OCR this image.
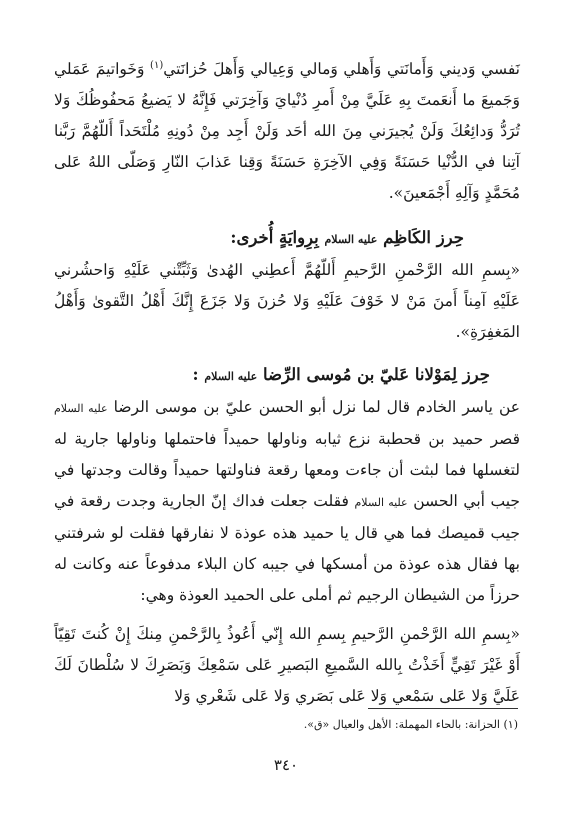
نَفسي وَديني وَأَمانَتي وَأَهلي وَمالي وَعِيالي وَأَهلَ حُزانَتي$^{(١)}$ وَخَواتيمَ عَمَلي وَجَميعَ ما أَنعَمتَ بِهِ عَلَيَّ مِنْ أَمرِ دُنْيايَ وَآخِرَتي فَإِنَّهُ لا يَضيعُ مَحفُوظُكَ وَلا تُرَدُّ وَدائِعُكَ وَلَنْ يُجيرَني مِنَ الله أحَد وَلَنْ أَجِد مِنْ دُونِهِ مُلْتَحَداً أَللّهُمَّ رَبَّنا آتِنا في الدُّنْيا حَسَنَةً وَفِي الآخِرَةِ حَسَنَةً وَقِنا عَذابَ النّارِ وَصَلّى اللهُ عَلى مُحَمَّدٍ وَآلِهِ أَجْمَعينَ».

حِرز الكَاظِم عليه السلام بِرِوايَةٍ أُخرى:

«بِسمِ الله الرَّحْمنِ الرَّحيمِ أَللّهُمَّ أَعطِني الهُدىٰ وَثَبِّتْني عَلَيْهِ وَاحشُرني عَلَيْهِ آمِناً أَمنَ مَنْ لا خَوْفَ عَلَيْهِ وَلا حُزنَ وَلا جَزَعَ إِنَّكَ أَهْلُ التَّقوىٰ وَأَهْلُ المَغفِرَةِ».

حِرز لِمَوْلانا عَليّ بن مُوسى الرِّضا عليه السلام :

عن ياسر الخادم قال لما نزل أبو الحسن عليّ بن موسى الرضا عليه السلام قصر حميد بن قحطبة نزع ثيابه وناولها حميداً فاحتملها وناولها جارية له لتغسلها فما لبثت أن جاءت ومعها رقعة فناولتها حميداً وقالت وجدتها في جيب أبي الحسن عليه السلام فقلت جعلت فداك إنّ الجارية وجدت رقعة في جيب قميصك فما هي قال يا حميد هذه عوذة لا نفارقها فقلت لو شرفتني بها فقال هذه عوذة من أمسكها في جيبه كان البلاء مدفوعاً عنه وكانت له حرزاً من الشيطان الرجيم ثم أملى على الحميد العوذة وهي:

«بِسمِ الله الرَّحْمنِ الرَّحيمِ بِسمِ الله إِنّي أَعُوذُ بِالرَّحْمنِ مِنكَ إِنْ كُنتَ تَقِيّاً أَوْ غَيْرَ تَقِيٍّ أَخَذْتُ بِالله السَّميعِ البَصيرِ عَلى سَمْعِكَ وَبَصَرِكَ لا سُلْطانَ لَكَ عَلَيَّ وَلا عَلى سَمْعي وَلا عَلى بَصَري وَلا عَلى شَعْري وَلا

(١) الحزانة: بالحاء المهملة: الأهل والعيال «ق».
٣٤٠
